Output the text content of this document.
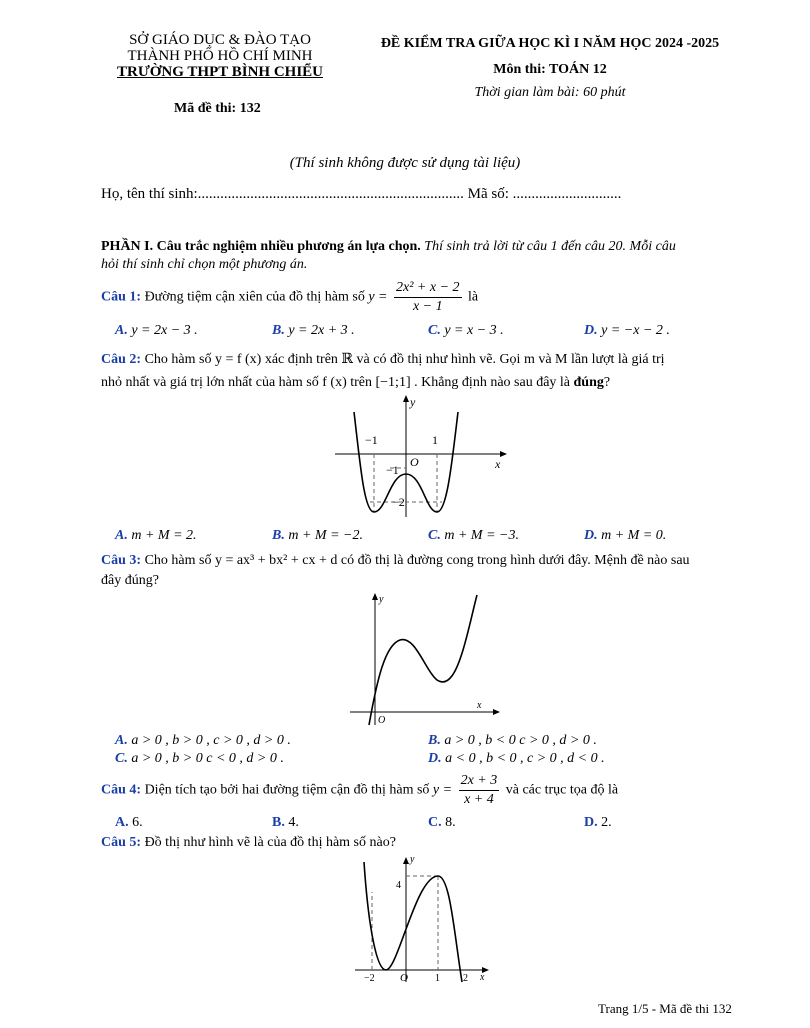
SỞ GIÁO DỤC & ĐÀO TẠO
THÀNH PHỐ HỒ CHÍ MINH
TRƯỜNG THPT BÌNH CHIỂU
Mã đề thi: 132
ĐỀ KIỂM TRA GIỮA HỌC KÌ I NĂM HỌC 2024 -2025
Môn thi: TOÁN 12
Thời gian làm bài: 60 phút
(Thí sinh không được sử dụng tài liệu)
Họ, tên thí sinh:....................................................................... Mã số: .............................
PHẦN I. Câu trắc nghiệm nhiều phương án lựa chọn. Thí sinh trả lời từ câu 1 đến câu 20. Mỗi câu
hỏi thí sinh chỉ chọn một phương án.
Câu 1: Đường tiệm cận xiên của đồ thị hàm số $y = \frac{\text{2x² + x − 2}}{x - 1}$ là
A. y = 2x − 3 .	B. y = 2x + 3 .	C. y = x − 3 .	D. y = −x − 2 .
Câu 2: Cho hàm số y = f (x) xác định trên ℝ và có đồ thị như hình vẽ. Gọi m và M lần lượt là giá trị
nhỏ nhất và giá trị lớn nhất của hàm số f (x) trên [−1;1] . Khẳng định nào sau đây là đúng?
y
x
O
−1	1
−1
−2
A. m + M = 2.	B. m + M = −2.	C. m + M = −3.	D. m + M = 0.
Câu 3: Cho hàm số y = ax³ + bx² + cx + d có đồ thị là đường cong trong hình dưới đây. Mệnh đề nào sau
đây đúng?
y
x
O
A. a > 0 , b > 0 , c > 0 , d > 0 .	B. a > 0 , b < 0 c > 0 , d > 0 .
C. a > 0 , b > 0 c < 0 , d > 0 .	D. a < 0 , b < 0 , c > 0 , d < 0 .
Câu 4: Diện tích tạo bởi hai đường tiệm cận đồ thị hàm số $y = \frac{2x + 3}{x + 4}$ và các trục tọa độ là
A. 6.	B. 4.	C. 8.	D. 2.
Câu 5: Đồ thị như hình vẽ là của đồ thị hàm số nào?
y
x
O
4
−2	1 2
Trang 1/5 - Mã đề thi 132
